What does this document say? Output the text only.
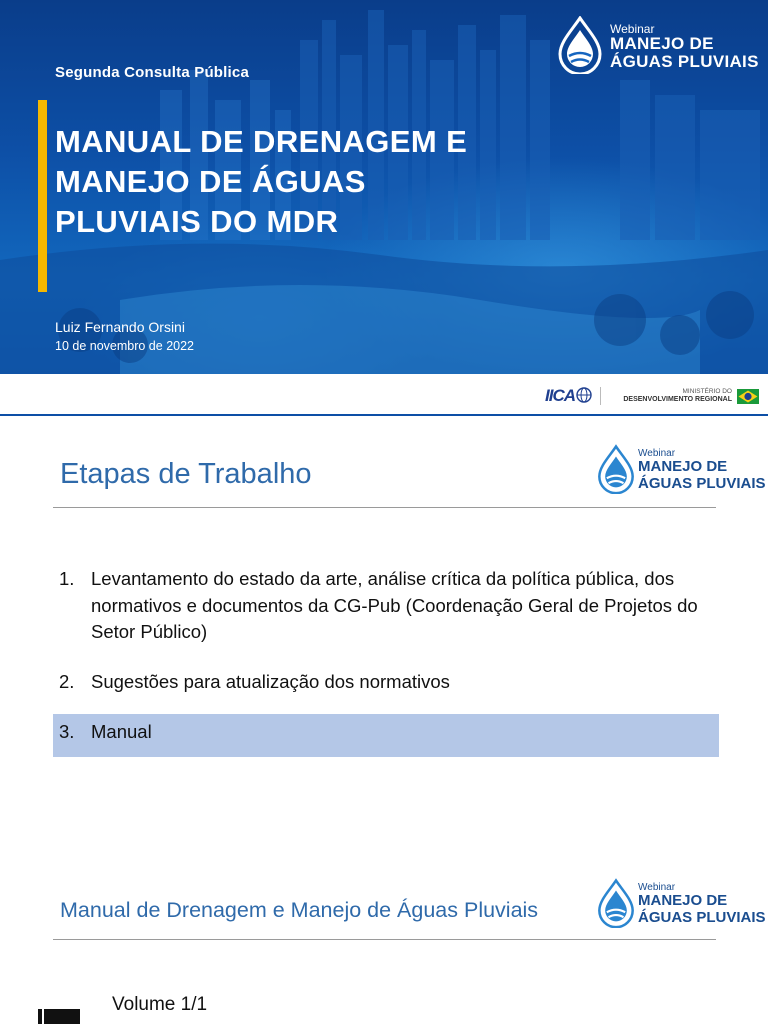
Segunda Consulta Pública
MANUAL DE DRENAGEM E
MANEJO DE ÁGUAS
PLUVIAIS DO MDR
Luiz Fernando Orsini
10 de novembro de 2022
Webinar
MANEJO DE
ÁGUAS PLUVIAIS
IICA	MINISTÉRIO DO
DESENVOLVIMENTO REGIONAL
Etapas de Trabalho
Webinar
MANEJO DE
ÁGUAS PLUVIAIS
1. Levantamento do estado da arte, análise crítica da política pública, dos normativos e documentos da CG-Pub (Coordenação Geral de Projetos do Setor Público)
2. Sugestões para atualização dos normativos
3. Manual
Manual de Drenagem e Manejo de Águas Pluviais
Webinar
MANEJO DE
ÁGUAS PLUVIAIS
Volume 1/1
